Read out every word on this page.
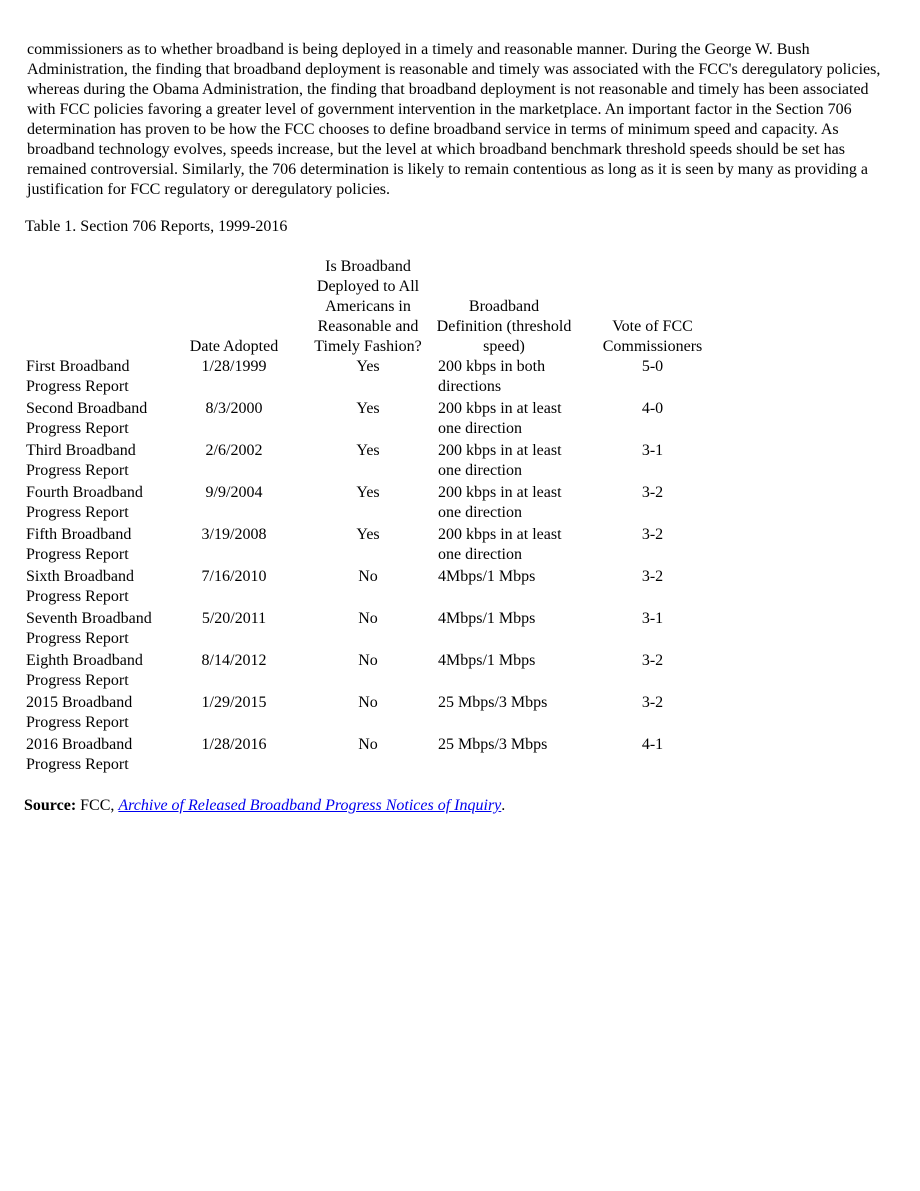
commissioners as to whether broadband is being deployed in a timely and reasonable manner. During the George W. Bush Administration, the finding that broadband deployment is reasonable and timely was associated with the FCC's deregulatory policies, whereas during the Obama Administration, the finding that broadband deployment is not reasonable and timely has been associated with FCC policies favoring a greater level of government intervention in the marketplace. An important factor in the Section 706 determination has proven to be how the FCC chooses to define broadband service in terms of minimum speed and capacity. As broadband technology evolves, speeds increase, but the level at which broadband benchmark threshold speeds should be set has remained controversial. Similarly, the 706 determination is likely to remain contentious as long as it is seen by many as providing a justification for FCC regulatory or deregulatory policies.

Table 1. Section 706 Reports, 1999-2016
	Date Adopted	Is Broadband Deployed to All Americans in Reasonable and Timely Fashion?	Broadband Definition (threshold speed)	Vote of FCC Commissioners
First Broadband Progress Report	1/28/1999	Yes	200 kbps in both directions	5-0
Second Broadband Progress Report	8/3/2000	Yes	200 kbps in at least one direction	4-0
Third Broadband Progress Report	2/6/2002	Yes	200 kbps in at least one direction	3-1
Fourth Broadband Progress Report	9/9/2004	Yes	200 kbps in at least one direction	3-2
Fifth Broadband Progress Report	3/19/2008	Yes	200 kbps in at least one direction	3-2
Sixth Broadband Progress Report	7/16/2010	No	4Mbps/1 Mbps	3-2
Seventh Broadband Progress Report	5/20/2011	No	4Mbps/1 Mbps	3-1
Eighth Broadband Progress Report	8/14/2012	No	4Mbps/1 Mbps	3-2
2015 Broadband Progress Report	1/29/2015	No	25 Mbps/3 Mbps	3-2
2016 Broadband Progress Report	1/28/2016	No	25 Mbps/3 Mbps	4-1
Source: FCC, Archive of Released Broadband Progress Notices of Inquiry.
